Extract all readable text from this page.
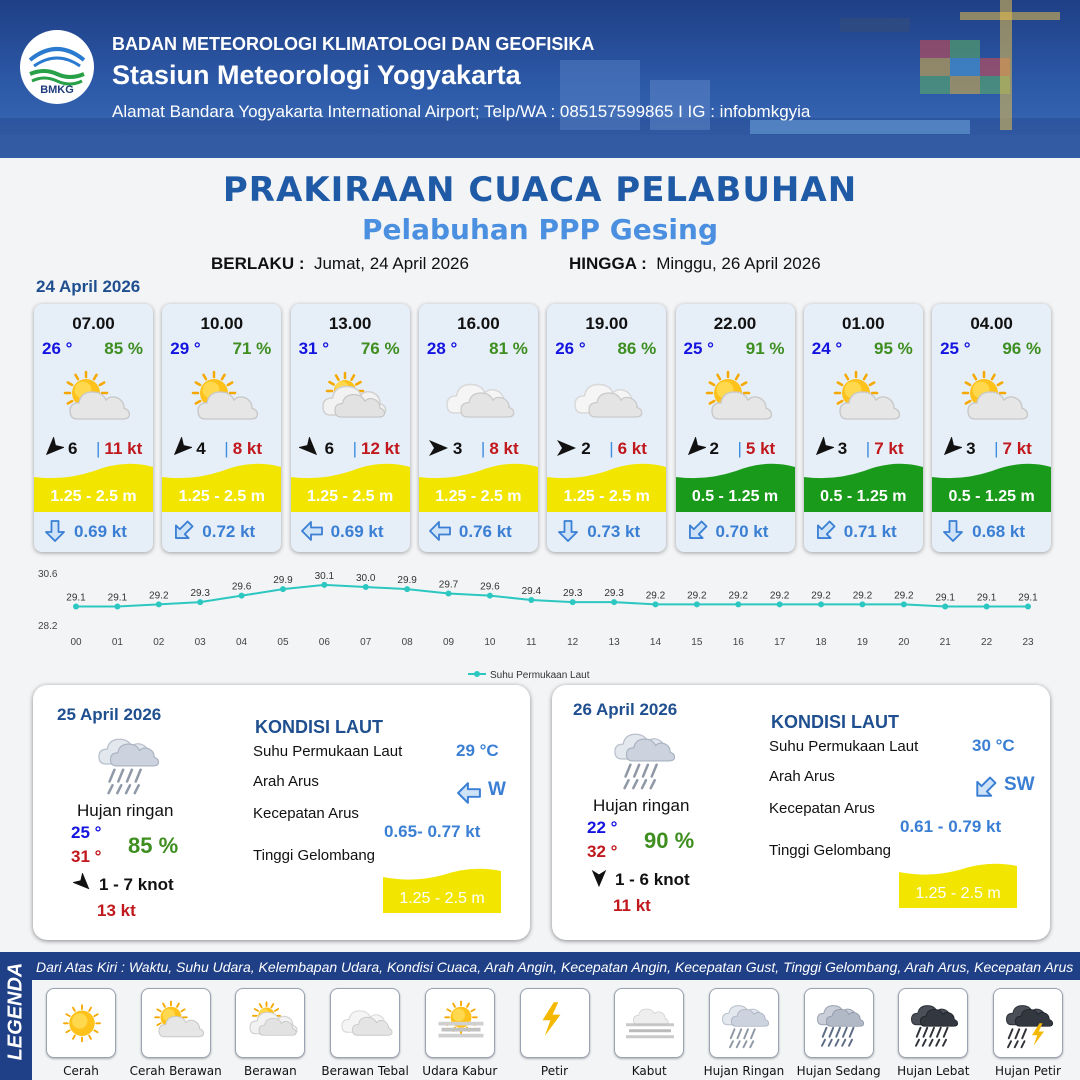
BMKG
BADAN METEOROLOGI KLIMATOLOGI DAN GEOFISIKA
Stasiun Meteorologi Yogyakarta
Alamat Bandara Yogyakarta International Airport; Telp/WA : 085157599865 I IG : infobmkgyia
PRAKIRAAN CUACA PELABUHAN
Pelabuhan PPP Gesing
BERLAKU : Jumat, 24 April 2026	HINGGA : Minggu, 26 April 2026
24 April 2026
07.00
26 ° 85 %
6 | 11 kt
1.25 - 2.5 m
0.69 kt
10.00
29 ° 71 %
4 | 8 kt
1.25 - 2.5 m
0.72 kt
13.00
31 ° 76 %
6 | 12 kt
1.25 - 2.5 m
0.69 kt
16.00
28 ° 81 %
3 | 8 kt
1.25 - 2.5 m
0.76 kt
19.00
26 ° 86 %
2 | 6 kt
1.25 - 2.5 m
0.73 kt
22.00
25 ° 91 %
2 | 5 kt
0.5 - 1.25 m
0.70 kt
01.00
24 ° 95 %
3 | 7 kt
0.5 - 1.25 m
0.71 kt
04.00
25 ° 96 %
3 | 7 kt
0.5 - 1.25 m
0.68 kt
30.6
28.2
29.1
00
29.1
01
29.2
02
29.3
03
29.6
04
29.9
05
30.1
06
30.0
07
29.9
08
29.7
09
29.6
10
29.4
11
29.3
12
29.3
13
29.2
14
29.2
15
29.2
16
29.2
17
29.2
18
29.2
19
29.2
20
29.1
21
29.1
22
29.1
23
Suhu Permukaan Laut
25 April 2026
Hujan ringan
25 °
31 ° 85 %
1 - 7 knot
13 kt
KONDISI LAUT
Suhu Permukaan Laut	29 °C
Arah Arus	W
Kecepatan Arus
0.65- 0.77 kt
Tinggi Gelombang
1.25 - 2.5 m
26 April 2026
Hujan ringan
22 °
32 ° 90 %
1 - 6 knot
11 kt
KONDISI LAUT
Suhu Permukaan Laut	30 °C
Arah Arus	SW
Kecepatan Arus
0.61 - 0.79 kt
Tinggi Gelombang
1.25 - 2.5 m
LEGENDA Dari Atas Kiri : Waktu, Suhu Udara, Kelembapan Udara, Kondisi Cuaca, Arah Angin, Kecepatan Angin, Kecepatan Gust, Tinggi Gelombang, Arah Arus, Kecepatan Arus
Cerah	Cerah Berawan	Berawan	Berawan Tebal	Udara Kabur	Petir	Kabut	Hujan Ringan	Hujan Sedang	Hujan Lebat	Hujan Petir
